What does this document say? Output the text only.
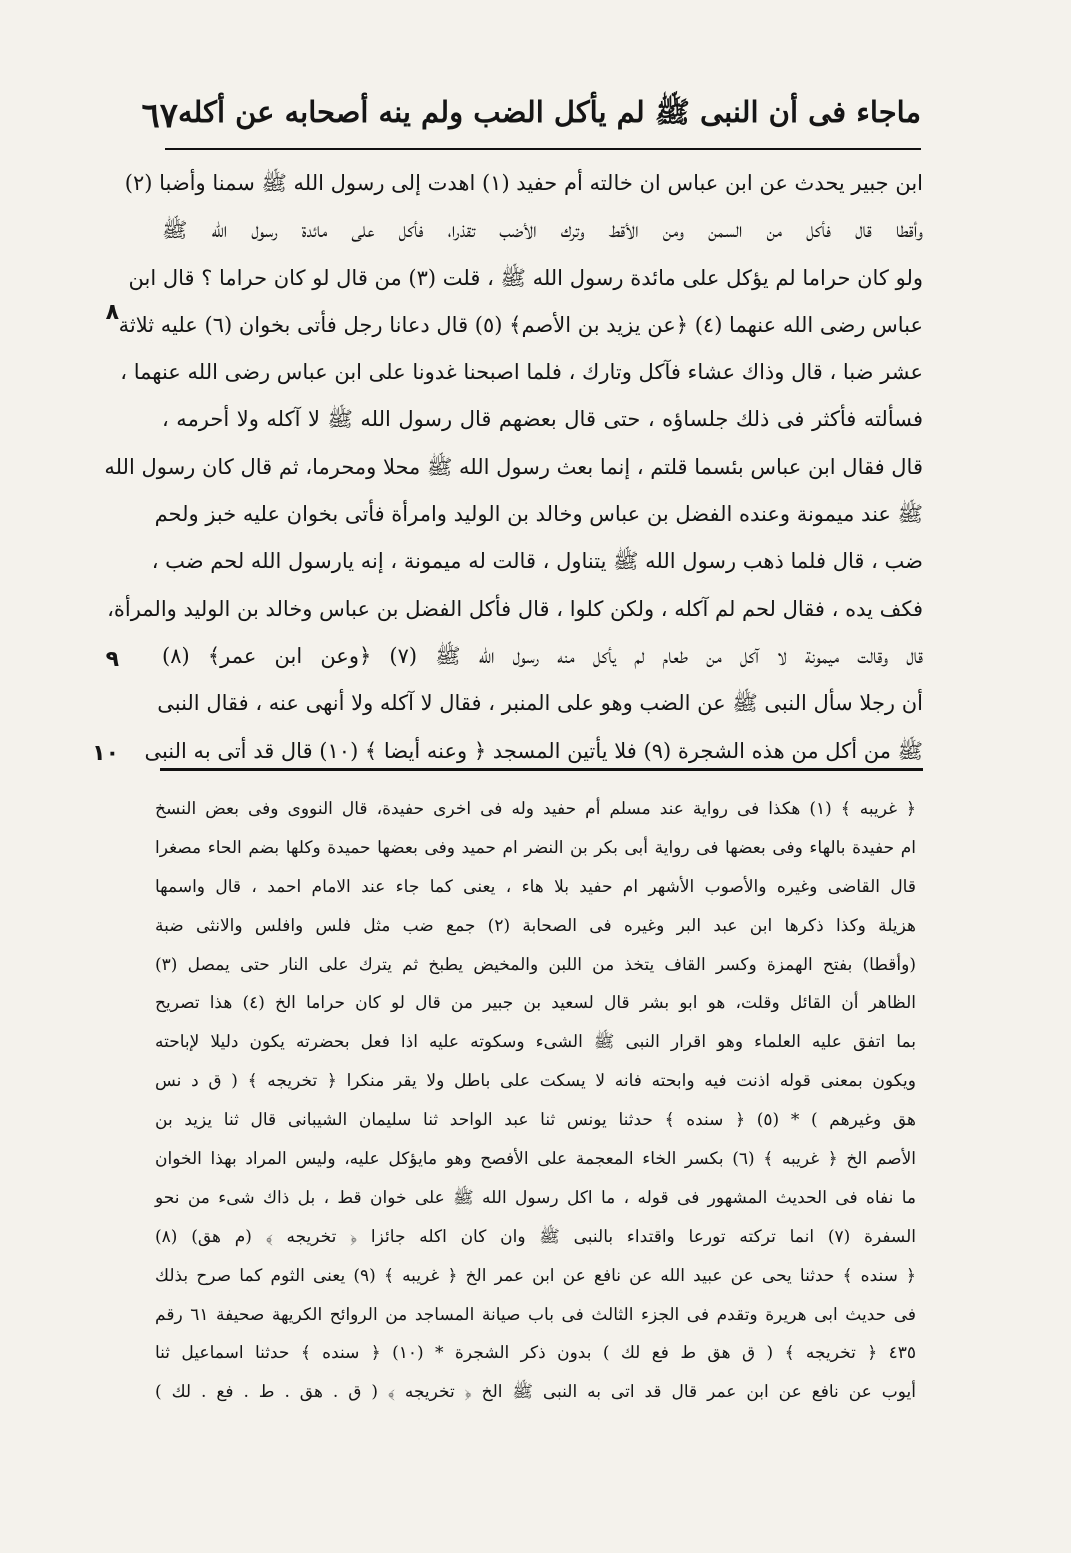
ماجاء فى أن النبى ﷺ لم يأكل الضب ولم ينه أصحابه عن أكله
٦٧
ابن جبير يحدث عن ابن عباس ان خالته أم حفيد (١) اهدت إلى رسول الله ﷺ سمنا وأضبا (٢)
وأقطا قال فأكل من السمن ومن الأقط وترك الأضب تقذرا، فأكل على مائدة رسول الله ﷺ
ولو كان حراما لم يؤكل على مائدة رسول الله ﷺ ، قلت (٣) من قال لو كان حراما ؟ قال ابن
عباس رضى الله عنهما (٤) ﴿عن يزيد بن الأصم﴾ (٥) قال دعانا رجل فأتى بخوان (٦) عليه ثلاثة
عشر ضبا ، قال وذاك عشاء فآكل وتارك ، فلما اصبحنا غدونا على ابن عباس رضى الله عنهما ،
فسألته فأكثر فى ذلك جلساؤه ، حتى قال بعضهم قال رسول الله ﷺ لا آكله ولا أحرمه ،
قال فقال ابن عباس بئسما قلتم ، إنما بعث رسول الله ﷺ محلا ومحرما، ثم قال كان رسول الله
ﷺ عند ميمونة وعنده الفضل بن عباس وخالد بن الوليد وامرأة فأتى بخوان عليه خبز ولحم
ضب ، قال فلما ذهب رسول الله ﷺ يتناول ، قالت له ميمونة ، إنه يارسول الله لحم ضب ،
فكف يده ، فقال لحم لم آكله ، ولكن كلوا ، قال فأكل الفضل بن عباس وخالد بن الوليد والمرأة،
قال وقالت ميمونة لا آكل من طعام لم يأكل منه رسول الله ﷺ (٧) ﴿وعن ابن عمر﴾ (٨)
أن رجلا سأل النبى ﷺ عن الضب وهو على المنبر ، فقال لا آكله ولا أنهى عنه ، فقال النبى
ﷺ من أكل من هذه الشجرة (٩) فلا يأتين المسجد ﴿ وعنه أيضا ﴾ (١٠) قال قد أتى به النبى
٨
٩
١٠
﴿ غريبه ﴾ (١) هكذا فى رواية عند مسلم أم حفيد وله فى اخرى حفيدة، قال النووى وفى بعض النسخ
ام حفيدة بالهاء وفى بعضها فى رواية أبى بكر بن النضر ام حميد وفى بعضها حميدة وكلها بضم الحاء مصغرا
قال القاضى وغيره والأصوب الأشهر ام حفيد بلا هاء ، يعنى كما جاء عند الامام احمد ، قال واسمها
هزيلة وكذا ذكرها ابن عبد البر وغيره فى الصحابة (٢) جمع ضب مثل فلس وافلس والانثى ضبة
(وأقطا) بفتح الهمزة وكسر القاف يتخذ من اللبن والمخيض يطبخ ثم يترك على النار حتى يمصل (٣)
الظاهر أن القائل وقلت، هو ابو بشر قال لسعيد بن جبير من قال لو كان حراما الخ (٤) هذا تصريح
بما اتفق عليه العلماء وهو اقرار النبى ﷺ الشىء وسكوته عليه اذا فعل بحضرته يكون دليلا لإباحته
ويكون بمعنى قوله اذنت فيه وابحته فانه لا يسكت على باطل ولا يقر منكرا ﴿ تخريجه ﴾ ( ق د نس
هق وغيرهم ) * (٥) ﴿ سنده ﴾ حدثنا يونس ثنا عبد الواحد ثنا سليمان الشيبانى قال ثنا يزيد بن
الأصم الخ ﴿ غريبه ﴾ (٦) بكسر الخاء المعجمة على الأفصح وهو مايؤكل عليه، وليس المراد بهذا الخوان
ما نفاه فى الحديث المشهور فى قوله ، ما اكل رسول الله ﷺ على خوان قط ، بل ذاك شىء من نحو
السفرة (٧) انما تركته تورعا واقتداء بالنبى ﷺ وان كان اكله جائزا ﴿ تخريجه ﴾ (م هق) (٨)
﴿ سنده ﴾ حدثنا يحى عن عبيد الله عن نافع عن ابن عمر الخ ﴿ غريبه ﴾ (٩) يعنى الثوم كما صرح بذلك
فى حديث ابى هريرة وتقدم فى الجزء الثالث فى باب صيانة المساجد من الروائح الكريهة صحيفة ٦١ رقم
٤٣٥ ﴿ تخريجه ﴾ ( ق هق ط فع لك ) بدون ذكر الشجرة * (١٠) ﴿ سنده ﴾ حدثنا اسماعيل ثنا
أيوب عن نافع عن ابن عمر قال قد اتى به النبى ﷺ الخ ﴿ تخريجه ﴾ ( ق . هق . ط . فع . لك )
